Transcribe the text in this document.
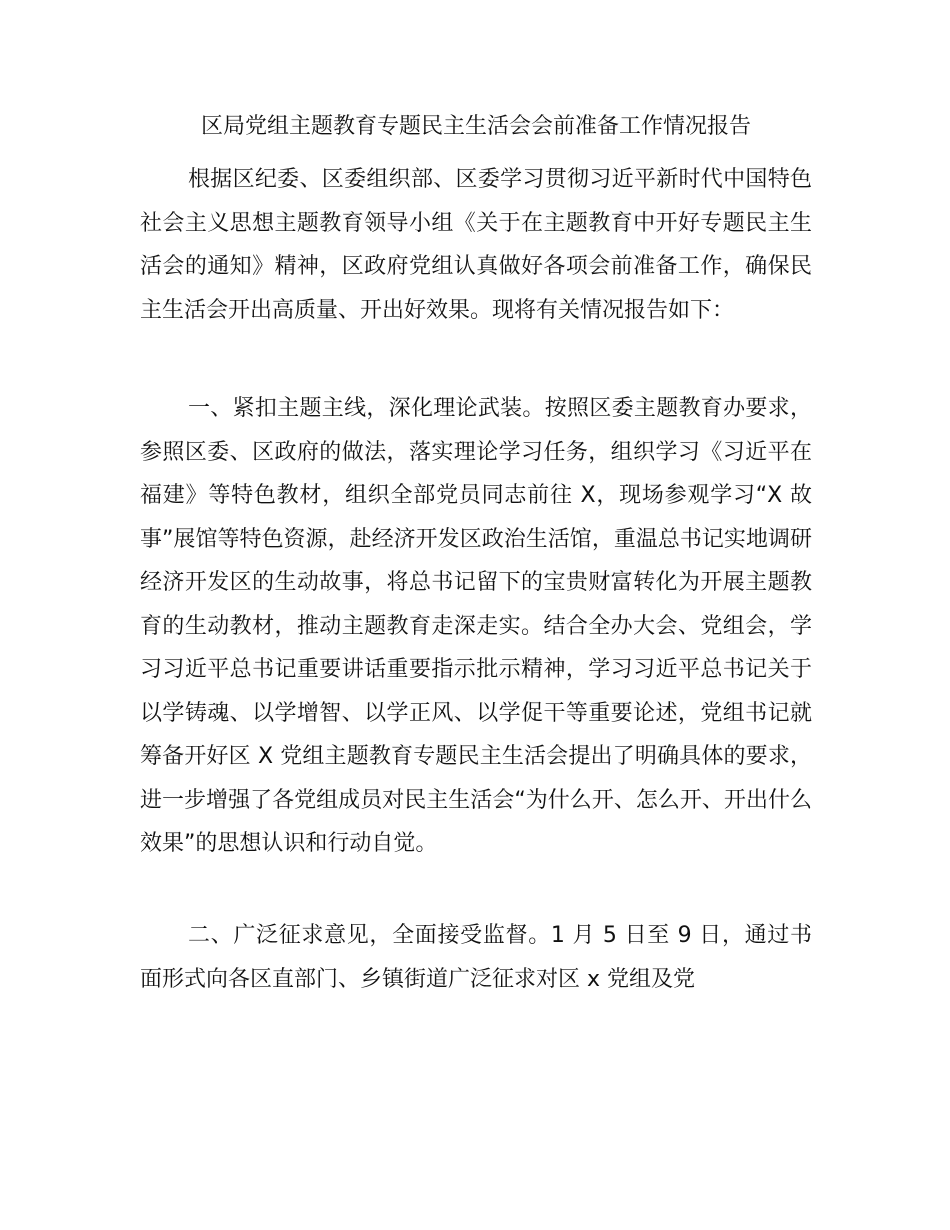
区局党组主题教育专题民主生活会会前准备工作情况报告

根据区纪委、区委组织部、区委学习贯彻习近平新时代中国特色社会主义思想主题教育领导小组《关于在主题教育中开好专题民主生活会的通知》精神，区政府党组认真做好各项会前准备工作，确保民主生活会开出高质量、开出好效果。现将有关情况报告如下：

一、紧扣主题主线，深化理论武装。按照区委主题教育办要求，参照区委、区政府的做法，落实理论学习任务，组织学习《习近平在福建》等特色教材，组织全部党员同志前往 X，现场参观学习“X 故事”展馆等特色资源，赴经济开发区政治生活馆，重温总书记实地调研经济开发区的生动故事，将总书记留下的宝贵财富转化为开展主题教育的生动教材，推动主题教育走深走实。结合全办大会、党组会，学习习近平总书记重要讲话重要指示批示精神，学习习近平总书记关于以学铸魂、以学增智、以学正风、以学促干等重要论述，党组书记就筹备开好区 X 党组主题教育专题民主生活会提出了明确具体的要求，进一步增强了各党组成员对民主生活会“为什么开、怎么开、开出什么效果”的思想认识和行动自觉。

二、广泛征求意见，全面接受监督。1 月 5 日至 9 日，通过书面形式向各区直部门、乡镇街道广泛征求对区 x 党组及党
